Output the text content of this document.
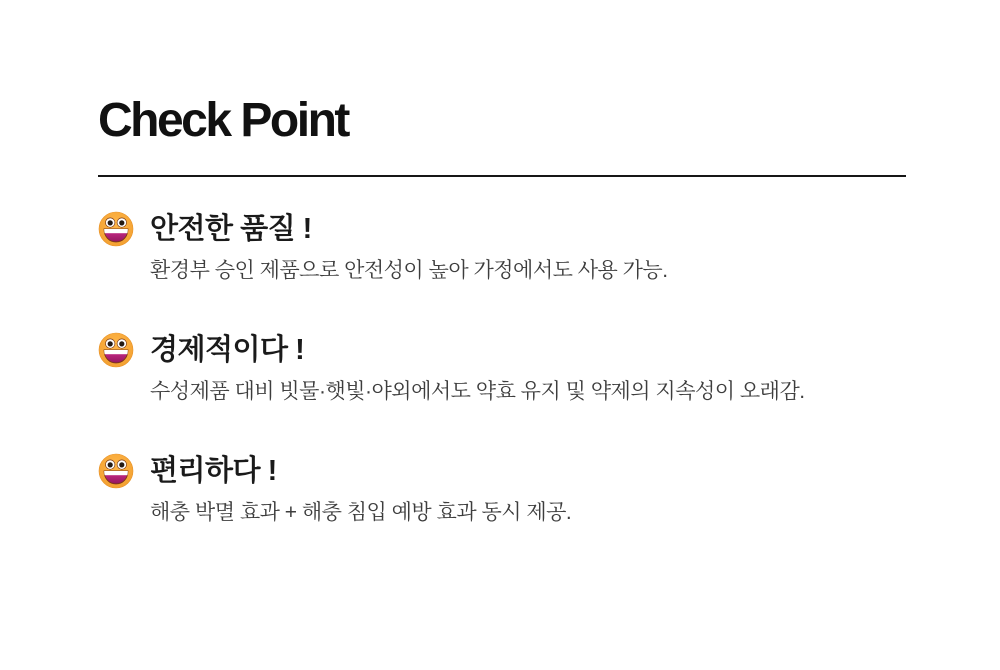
Check Point
안전한 품질 !

환경부 승인 제품으로 안전성이 높아 가정에서도 사용 가능.

경제적이다 !

수성제품 대비 빗물·햇빛·야외에서도 약효 유지 및 약제의 지속성이 오래감.

편리하다 !

해충 박멸 효과 + 해충 침입 예방 효과 동시 제공.
